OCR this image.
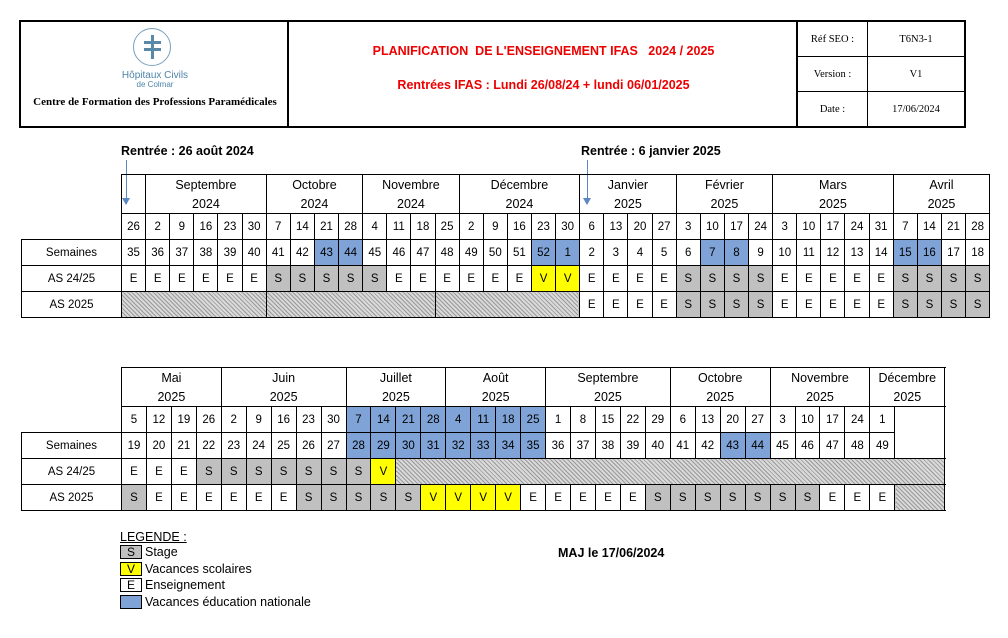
Hôpitaux Civils
de Colmar
Centre de Formation des Professions Paramédicales
PLANIFICATION  DE L'ENSEIGNEMENT IFAS   2024 / 2025
Rentrées IFAS : Lundi 26/08/24 + lundi 06/01/2025
Réf SEO :	T6N3-1
Version :	V1
Date :	17/06/2024
Rentrée : 26 août 2024	Rentrée : 6 janvier 2025
		Septembre					Octobre				Novembre				Décembre					Janvier				Février				Mars					Avril			
		2024					2024				2024				2024					2025				2025				2025					2025			
	26	2	9	16	23	30	7	14	21	28	4	11	18	25	2	9	16	23	30	6	13	20	27	3	10	17	24	3	10	17	24	31	7	14	21	28
Semaines	35	36	37	38	39	40	41	42	43	44	45	46	47	48	49	50	51	52	1	2	3	4	5	6	7	8	9	10	11	12	13	14	15	16	17	18
AS 24/25	E	E	E	E	E	E	S	S	S	S	S	E	E	E	E	E	E	V	V	E	E	E	E	S	S	S	S	E	E	E	E	E	S	S	S	S
AS 2025																				E	E	E	E	S	S	S	S	E	E	E	E	E	S	S	S	S
	Mai				Juin					Juillet				Août				Septembre					Octobre				Novembre				Décembre	
	2025				2025					2025				2025				2025					2025				2025				2025	
	5	12	19	26	2	9	16	23	30	7	14	21	28	4	11	18	25	1	8	15	22	29	6	13	20	27	3	10	17	24	1	
Semaines	19	20	21	22	23	24	25	26	27	28	29	30	31	32	33	34	35	36	37	38	39	40	41	42	43	44	45	46	47	48	49	
AS 24/25	E	E	E	S	S	S	S	S	S	S	V																					
AS 2025	S	E	E	E	E	E	E	S	S	S	S	S	V	V	V	V	E	E	E	E	E	S	S	S	S	S	S	S	E	E	E	
LEGENDE :
S Stage
V Vacances scolaires
E Enseignement
Vacances éducation nationale
MAJ le 17/06/2024
